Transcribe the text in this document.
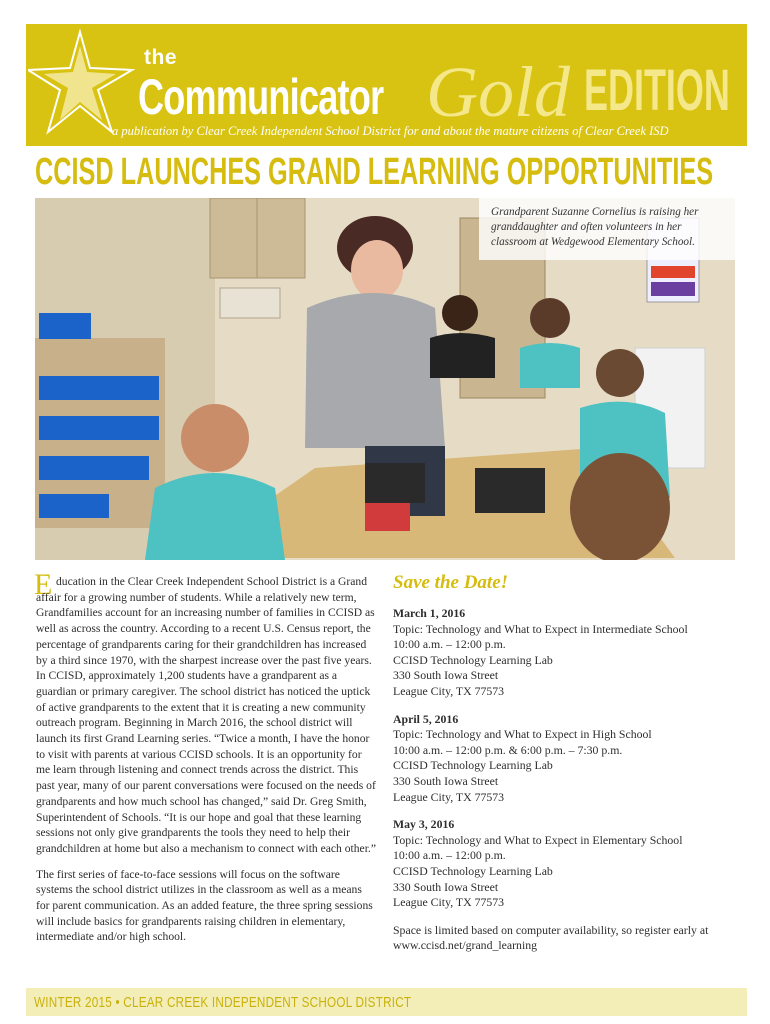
the
Communicator Gold EDITION
a publication by Clear Creek Independent School District for and about the mature citizens of Clear Creek ISD
CCISD LAUNCHES GRAND LEARNING OPPORTUNITIES
Grandparent Suzanne Cornelius is raising her granddaughter and often volunteers in her classroom at Wedgewood Elementary School.
E ducation in the Clear Creek Independent School District is a Grand affair for a growing number of students. While a relatively new term, Grandfamilies account for an increasing number of families in CCISD as well as across the country. According to a recent U.S. Census report, the percentage of grandparents caring for their grandchildren has increased by a third since 1970, with the sharpest increase over the past five years. In CCISD, approximately 1,200 students have a grandparent as a guardian or primary caregiver. The school district has noticed the uptick of active grandparents to the extent that it is creating a new community outreach program. Beginning in March 2016, the school district will launch its first Grand Learning series. “Twice a month, I have the honor to visit with parents at various CCISD schools. It is an opportunity for me learn through listening and connect trends across the district. This past year, many of our parent conversations were focused on the needs of grandparents and how much school has changed,” said Dr. Greg Smith, Superintendent of Schools. “It is our hope and goal that these learning sessions not only give grandparents the tools they need to help their grandchildren at home but also a mechanism to connect with each other.”

The first series of face-to-face sessions will focus on the software systems the school district utilizes in the classroom as well as a means for parent communication. As an added feature, the three spring sessions will include basics for grandparents raising children in elementary, intermediate and/or high school.

Save the Date!
March 1, 2016
Topic: Technology and What to Expect in Intermediate School
10:00 a.m. – 12:00 p.m.
CCISD Technology Learning Lab
330 South Iowa Street
League City, TX 77573
April 5, 2016
Topic: Technology and What to Expect in High School
10:00 a.m. – 12:00 p.m. & 6:00 p.m. – 7:30 p.m.
CCISD Technology Learning Lab
330 South Iowa Street
League City, TX 77573
May 3, 2016
Topic: Technology and What to Expect in Elementary School
10:00 a.m. – 12:00 p.m.
CCISD Technology Learning Lab
330 South Iowa Street
League City, TX 77573
Space is limited based on computer availability, so register early at www.ccisd.net/grand_learning
WINTER 2015 • CLEAR CREEK INDEPENDENT SCHOOL DISTRICT
